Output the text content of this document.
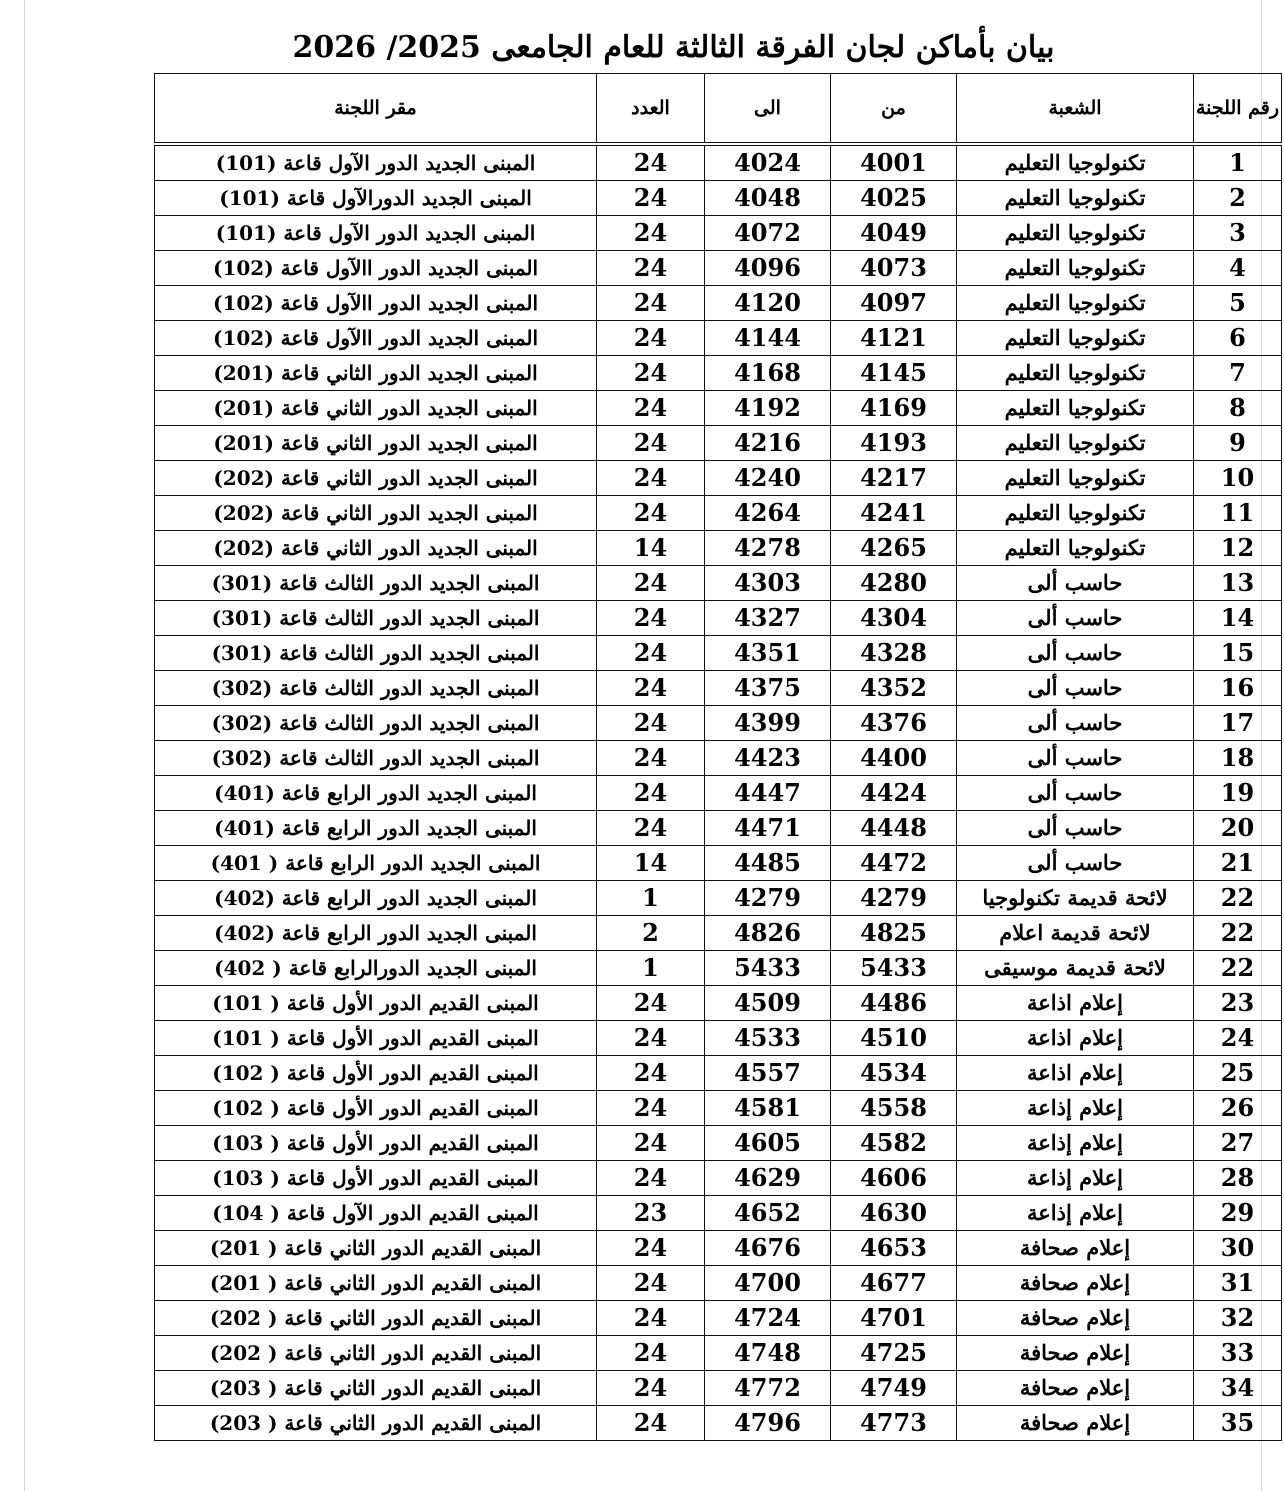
بيان بأماكن لجان الفرقة الثالثة للعام الجامعى 2025/ 2026
رقم اللجنة	الشعبة	من	الى	العدد	مقر اللجنة

1	تكنولوجيا التعليم	4001	4024	24	المبنى الجديد الدور الآول قاعة (101)
2	تكنولوجيا التعليم	4025	4048	24	المبنى الجديد الدورالآول قاعة (101)
3	تكنولوجيا التعليم	4049	4072	24	المبنى الجديد الدور الآول قاعة (101)
4	تكنولوجيا التعليم	4073	4096	24	المبنى الجديد الدور االآول قاعة (102)
5	تكنولوجيا التعليم	4097	4120	24	المبنى الجديد الدور االآول قاعة (102)
6	تكنولوجيا التعليم	4121	4144	24	المبنى الجديد الدور االآول قاعة (102)
7	تكنولوجيا التعليم	4145	4168	24	المبنى الجديد الدور الثاني قاعة (201)
8	تكنولوجيا التعليم	4169	4192	24	المبنى الجديد الدور الثاني قاعة (201)
9	تكنولوجيا التعليم	4193	4216	24	المبنى الجديد الدور الثاني قاعة (201)
10	تكنولوجيا التعليم	4217	4240	24	المبنى الجديد الدور الثاني قاعة (202)
11	تكنولوجيا التعليم	4241	4264	24	المبنى الجديد الدور الثاني قاعة (202)
12	تكنولوجيا التعليم	4265	4278	14	المبنى الجديد الدور الثاني قاعة (202)
13	حاسب ألى	4280	4303	24	المبنى الجديد الدور الثالث قاعة (301)
14	حاسب ألى	4304	4327	24	المبنى الجديد الدور الثالث قاعة (301)
15	حاسب ألى	4328	4351	24	المبنى الجديد الدور الثالث قاعة (301)
16	حاسب ألى	4352	4375	24	المبنى الجديد الدور الثالث قاعة (302)
17	حاسب ألى	4376	4399	24	المبنى الجديد الدور الثالث قاعة (302)
18	حاسب ألى	4400	4423	24	المبنى الجديد الدور الثالث قاعة (302)
19	حاسب ألى	4424	4447	24	المبنى الجديد الدور الرابع قاعة (401)
20	حاسب ألى	4448	4471	24	المبنى الجديد الدور الرابع قاعة (401)
21	حاسب ألى	4472	4485	14	المبنى الجديد الدور الرابع قاعة ( 401)
22	لائحة قديمة تكنولوجيا	4279	4279	1	المبنى الجديد الدور الرابع قاعة (402)
22	لائحة قديمة اعلام	4825	4826	2	المبنى الجديد الدور الرابع قاعة (402)
22	لائحة قديمة موسيقى	5433	5433	1	المبنى الجديد الدورالرابع قاعة ( 402)
23	إعلام اذاعة	4486	4509	24	المبنى القديم الدور الأول قاعة ( 101)
24	إعلام اذاعة	4510	4533	24	المبنى القديم الدور الأول قاعة ( 101)
25	إعلام اذاعة	4534	4557	24	المبنى القديم الدور الأول قاعة ( 102)
26	إعلام إذاعة	4558	4581	24	المبنى القديم الدور الأول قاعة ( 102)
27	إعلام إذاعة	4582	4605	24	المبنى القديم الدور الأول قاعة ( 103)
28	إعلام إذاعة	4606	4629	24	المبنى القديم الدور الأول قاعة ( 103)
29	إعلام إذاعة	4630	4652	23	المبنى القديم الدور الآول قاعة ( 104)
30	إعلام صحافة	4653	4676	24	المبنى القديم الدور الثاني قاعة ( 201)
31	إعلام صحافة	4677	4700	24	المبنى القديم الدور الثاني قاعة ( 201)
32	إعلام صحافة	4701	4724	24	المبنى القديم الدور الثاني قاعة ( 202)
33	إعلام صحافة	4725	4748	24	المبنى القديم الدور الثاني قاعة ( 202)
34	إعلام صحافة	4749	4772	24	المبنى القديم الدور الثاني قاعة ( 203)
35	إعلام صحافة	4773	4796	24	المبنى القديم الدور الثاني قاعة ( 203)
